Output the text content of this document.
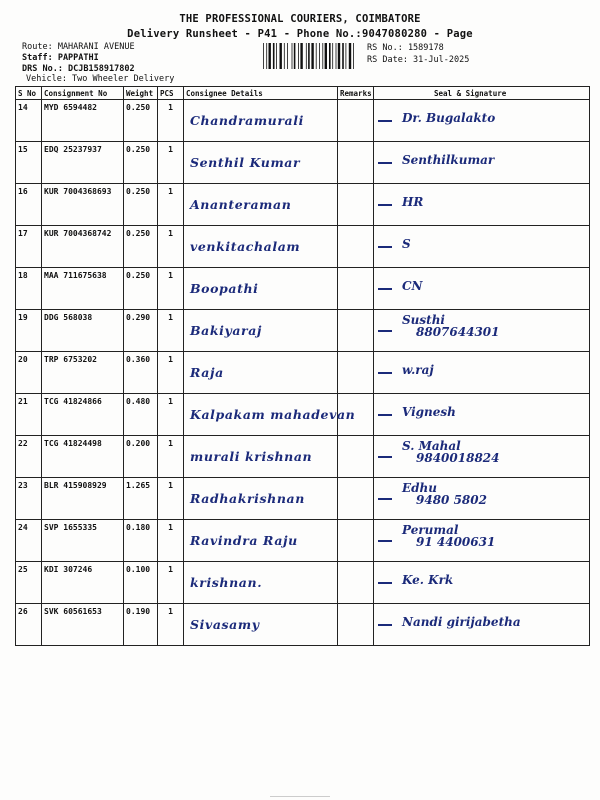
THE PROFESSIONAL COURIERS, COIMBATORE
Delivery Runsheet - P41 - Phone No.:9047080280 - Page
Route: MAHARANI AVENUE
Staff: PAPPATHI
DRS No.: DCJB158917802
Vehicle: Two Wheeler Delivery
RS No.: 1589178
RS Date: 31-Jul-2025
S No	Consignment No	Weight	PCS	Consignee Details	Remarks	Seal & Signature
14	MYD 6594482	0.250	1	Chandramurali		Dr. Bugalakto

15	EDQ 25237937	0.250	1	Senthil Kumar		Senthilkumar

16	KUR 7004368693	0.250	1	Ananteraman		HR

17	KUR 7004368742	0.250	1	venkitachalam		S

18	MAA 711675638	0.250	1	Boopathi		CN

19	DDG 568038	0.290	1	Bakiyaraj		Susthi
8807644301

20	TRP 6753202	0.360	1	Raja		w.raj

21	TCG 41824866	0.480	1	Kalpakam mahadevan		Vignesh

22	TCG 41824498	0.200	1	murali krishnan		S. Mahal
9840018824

23	BLR 415908929	1.265	1	Radhakrishnan		Edhu
9480 5802

24	SVP 1655335	0.180	1	Ravindra Raju		Perumal
91 4400631

25	KDI 307246	0.100	1	krishnan.		Ke. Krk

26	SVK 60561653	0.190	1	Sivasamy		Nandi girijabetha
